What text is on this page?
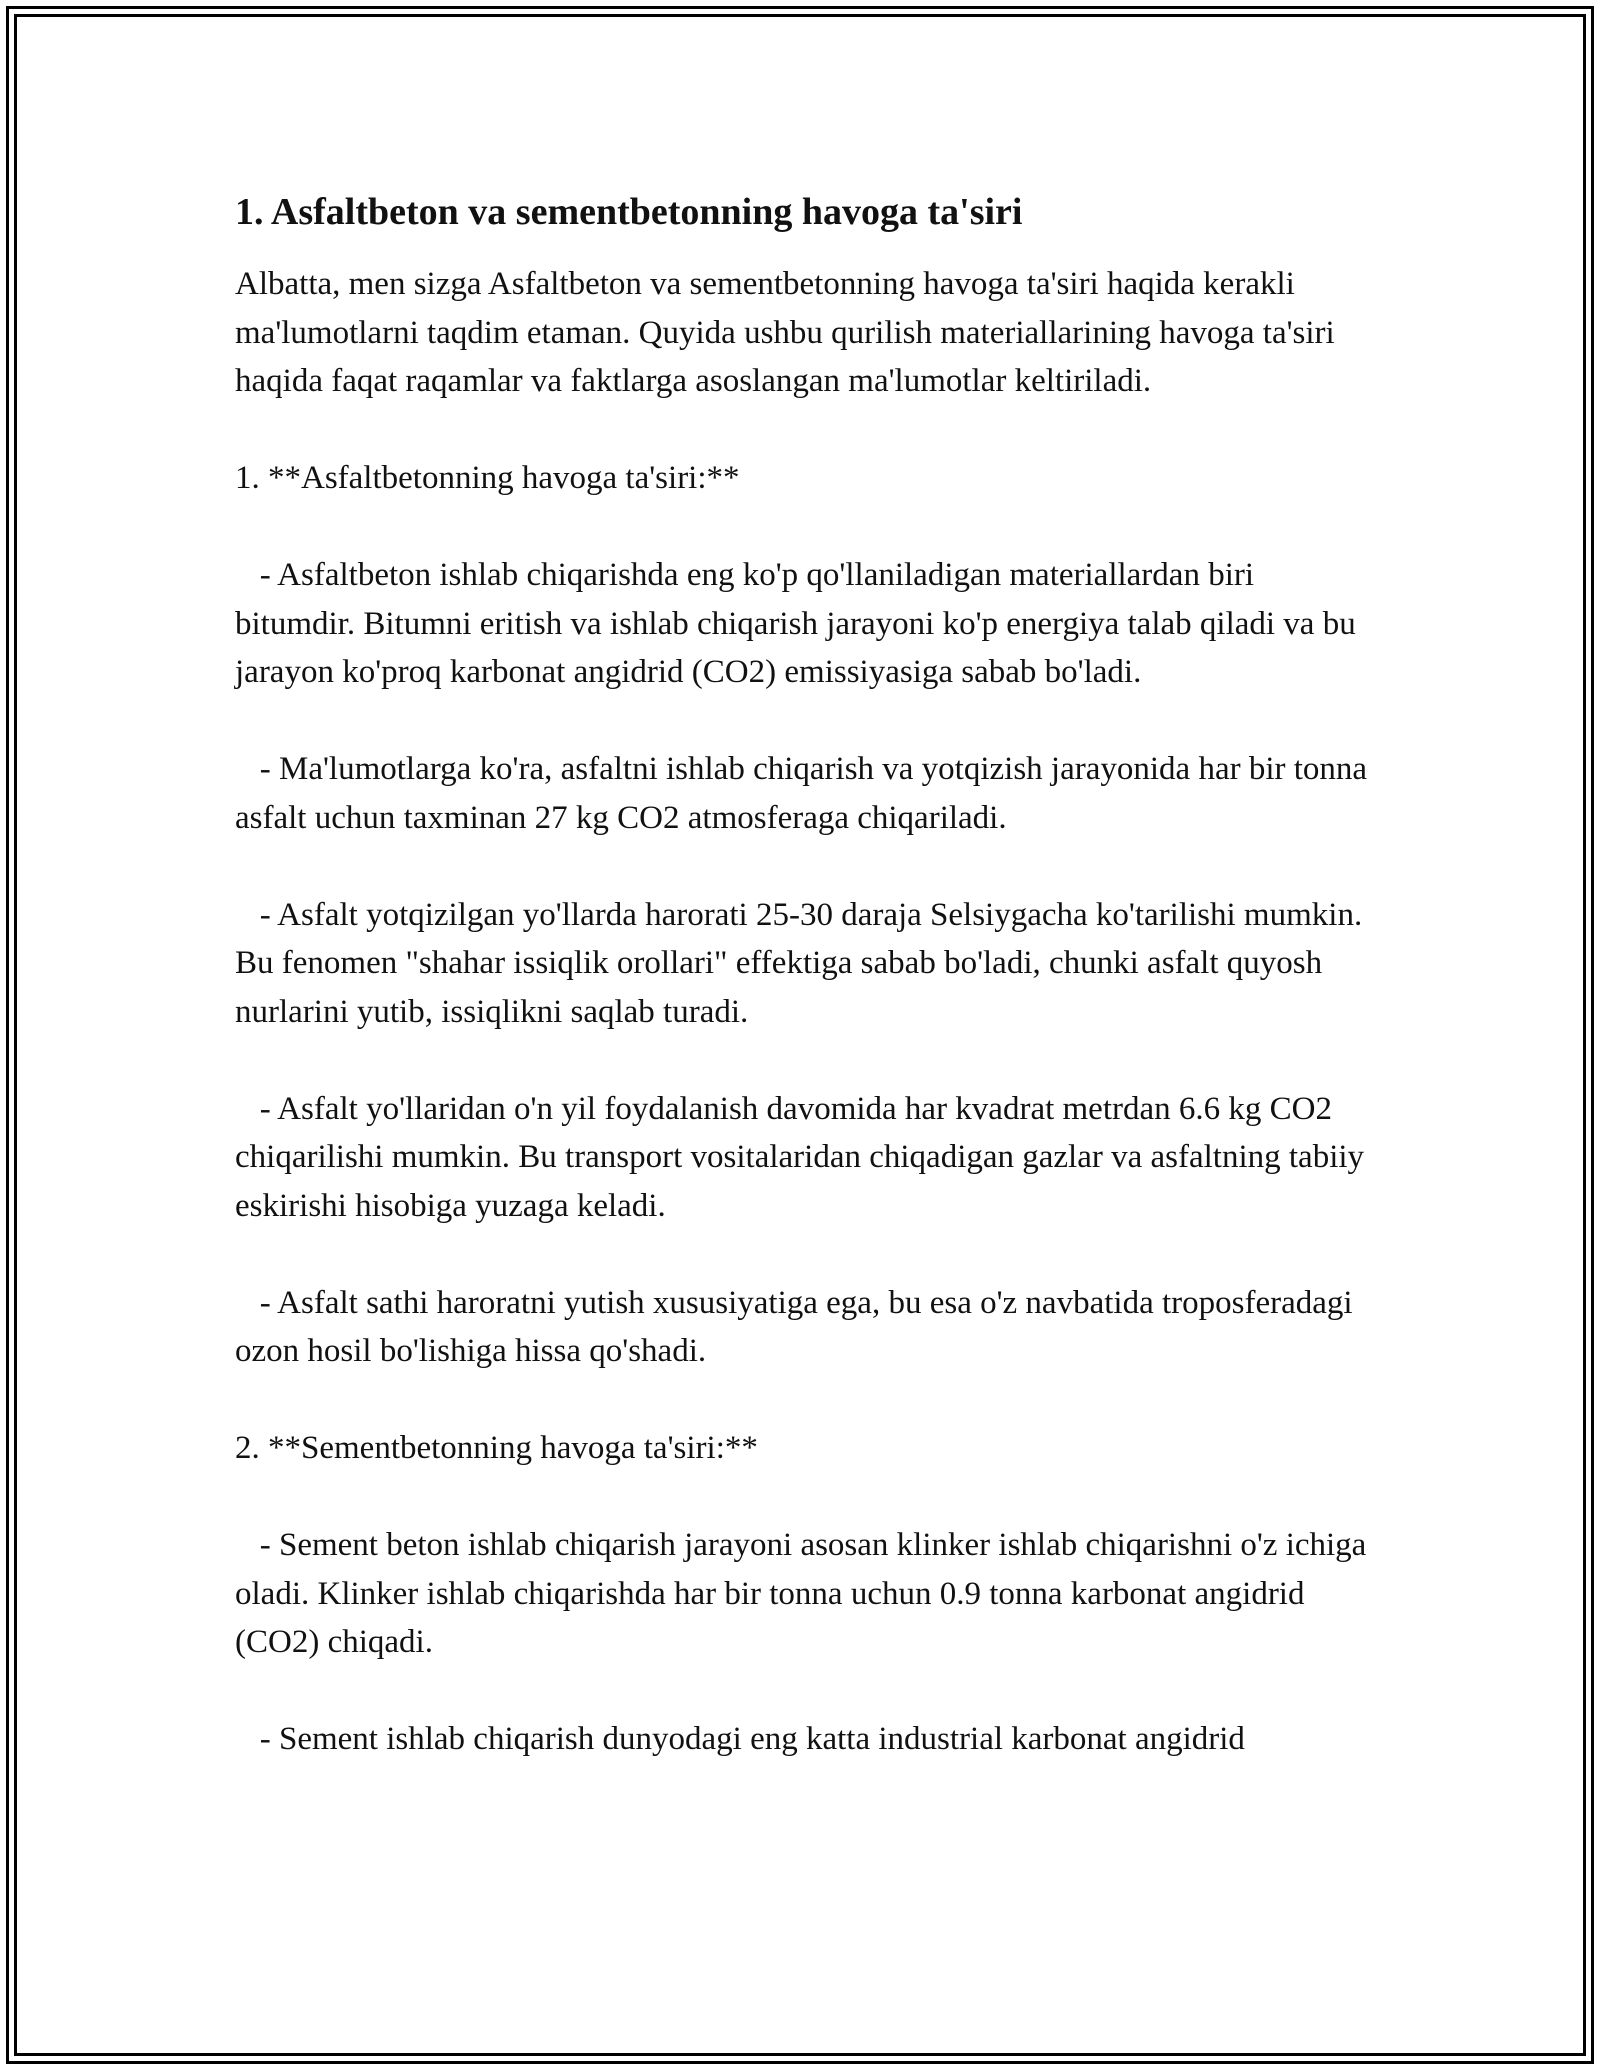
1. Asfaltbeton va sementbetonning havoga ta'siri

Albatta, men sizga Asfaltbeton va sementbetonning havoga ta'siri haqida kerakli ma'lumotlarni taqdim etaman. Quyida ushbu qurilish materiallarining havoga ta'siri haqida faqat raqamlar va faktlarga asoslangan ma'lumotlar keltiriladi.

1. **Asfaltbetonning havoga ta'siri:**

- Asfaltbeton ishlab chiqarishda eng ko'p qo'llaniladigan materiallardan biri bitumdir. Bitumni eritish va ishlab chiqarish jarayoni ko'p energiya talab qiladi va bu jarayon ko'proq karbonat angidrid (CO2) emissiyasiga sabab bo'ladi.

- Ma'lumotlarga ko'ra, asfaltni ishlab chiqarish va yotqizish jarayonida har bir tonna asfalt uchun taxminan 27 kg CO2 atmosferaga chiqariladi.

- Asfalt yotqizilgan yo'llarda harorati 25-30 daraja Selsiygacha ko'tarilishi mumkin. Bu fenomen "shahar issiqlik orollari" effektiga sabab bo'ladi, chunki asfalt quyosh nurlarini yutib, issiqlikni saqlab turadi.

- Asfalt yo'llaridan o'n yil foydalanish davomida har kvadrat metrdan 6.6 kg CO2 chiqarilishi mumkin. Bu transport vositalaridan chiqadigan gazlar va asfaltning tabiiy eskirishi hisobiga yuzaga keladi.

- Asfalt sathi haroratni yutish xususiyatiga ega, bu esa o'z navbatida troposferadagi ozon hosil bo'lishiga hissa qo'shadi.

2. **Sementbetonning havoga ta'siri:**

- Sement beton ishlab chiqarish jarayoni asosan klinker ishlab chiqarishni o'z ichiga oladi. Klinker ishlab chiqarishda har bir tonna uchun 0.9 tonna karbonat angidrid (CO2) chiqadi.

- Sement ishlab chiqarish dunyodagi eng katta industrial karbonat angidrid
